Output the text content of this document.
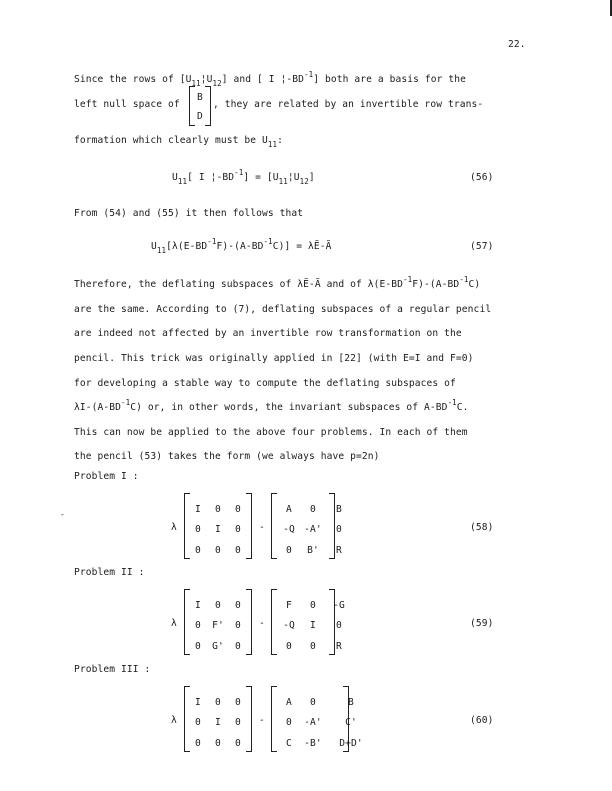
22.
Since the rows of $[U_{11}¦U_{12}]$ and [ I $¦-BD^{-1}$] both are a basis for the
left null space of
B
D
, they are related by an invertible row trans-
formation which clearly must be $U_{11}$:
$U_{11}$[ I $¦-BD^{-1}$] = $[U_{11}¦U_{12}]$	(56)
From (54) and (55) it then follows that
$U_{11}[\lambda(E-BD^{-1}F)-(A-BD^{-1}C)]$ = λẼ-Ã	(57)
Therefore, the deflating subspaces of λẼ-Ã and of $\lambda(E-BD^{-1}F)-(A-BD^{-1}C)$
are the same. According to (7), deflating subspaces of a regular pencil
are indeed not affected by an invertible row transformation on the
pencil. This trick was originally applied in [22] (with E=I and F=0)
for developing a stable way to compute the deflating subspaces of
$\lambda I-(A-BD^{-1}C)$ or, in other words, the invariant subspaces of $A-BD^{-1}C$.
This can now be applied to the above four problems. In each of them
the pencil (53) takes the form (we always have p=2n)
-
Problem I :
λ
I	0	0
0	I	0
0	0	0
-
A	0	B
-Q -A'	0
0	B'	R
(58)
Problem II :
λ
I	0	0
0	F'	0
0	G'	0
-
F	0	-G
-Q	I	0
0	0	R
(59)
Problem III :
λ
I	0	0
0	I	0
0	0	0
-
A	0	B
0	-A'	C'
C	-B'	D+D'
(60)
